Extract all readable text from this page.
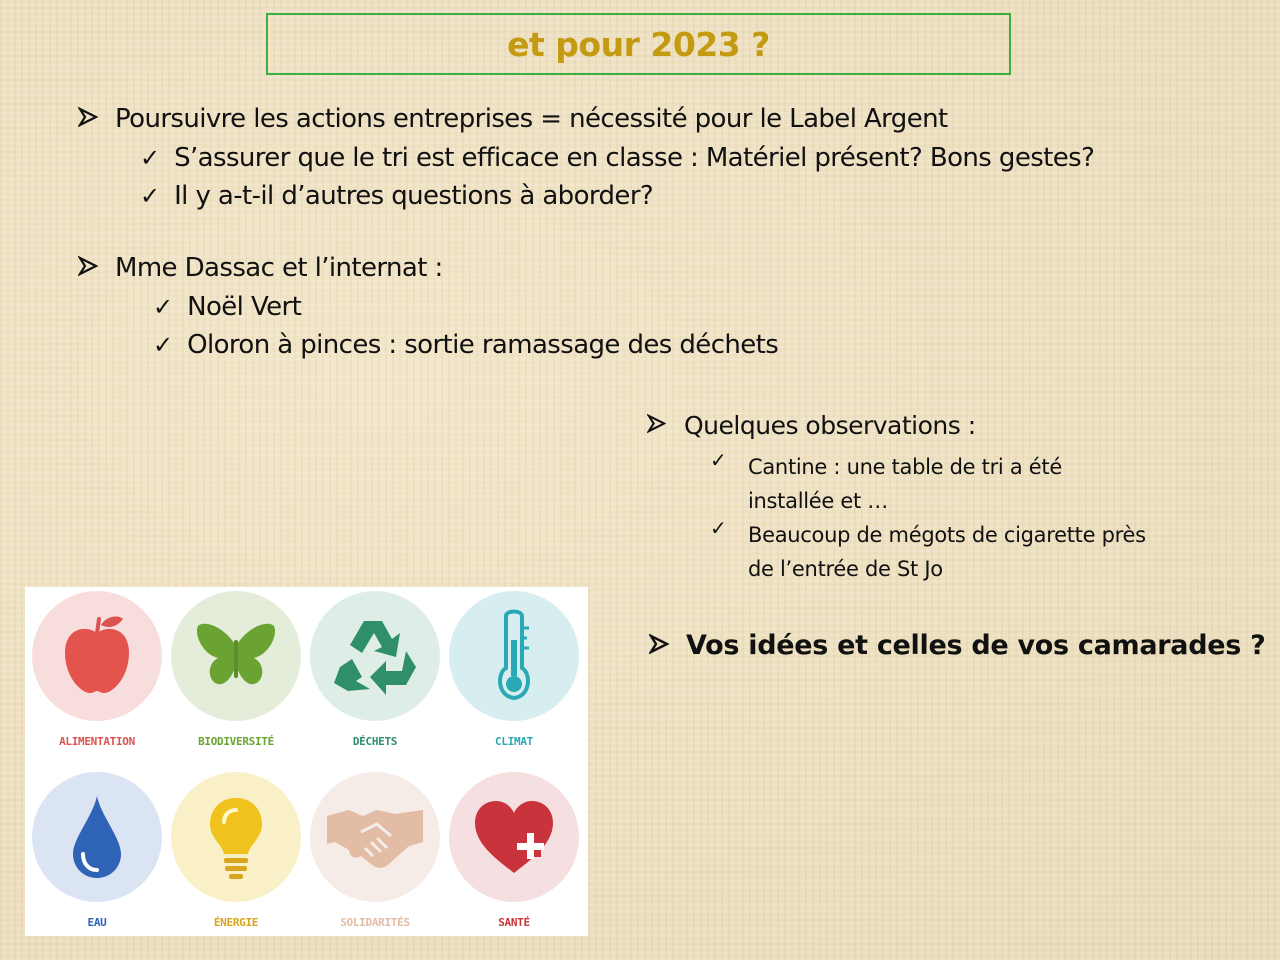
et pour 2023 ?
Poursuivre les actions entreprises = nécessité pour le Label Argent
✓ S’assurer que le tri est efficace en classe : Matériel présent? Bons gestes?
✓ Il y a-t-il d’autres questions à aborder?
Mme Dassac et l’internat :
✓ Noël Vert
✓ Oloron à pinces : sortie ramassage des déchets
Quelques observations :
✓ Cantine : une table de tri a été
installée et …
✓ Beaucoup de mégots de cigarette près
de l’entrée de St Jo
Vos idées et celles de vos camarades ?
ALIMENTATION	BIODIVERSITÉ	DÉCHETS	CLIMAT
EAU	ÉNERGIE	SOLIDARITÉS	SANTÉ
